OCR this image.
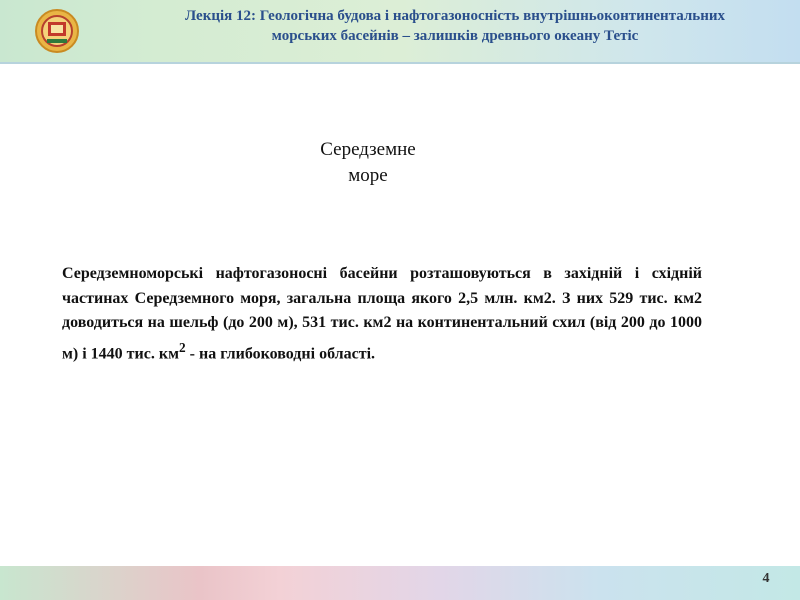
Лекція 12: Геологічна будова і нафтогазоносність внутрішньоконтинентальних
морських басейнів – залишків древнього океану Тетіс
Середземне
море
Середземноморські нафтогазоносні басейни розташовуються в західній і східній частинах Середземного моря, загальна площа якого 2,5 млн. км2. З них 529 тис. км2 доводиться на шельф (до 200 м), 531 тис. км2 на континентальний схил (від 200 до 1000 м) і 1440 тис. $км^2$ - на глибоководні області.
4
